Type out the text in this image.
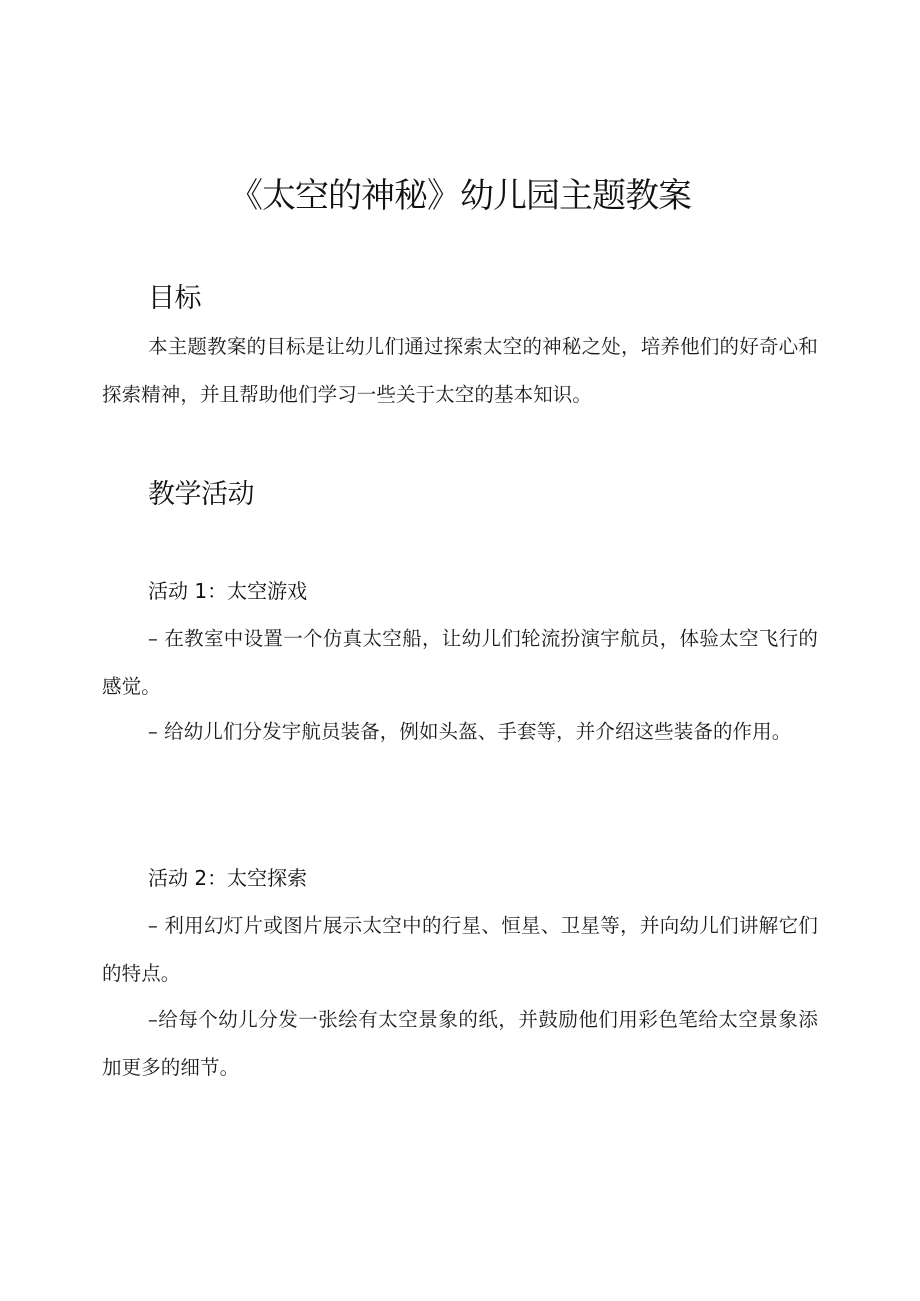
《太空的神秘》幼儿园主题教案
目标
本主题教案的目标是让幼儿们通过探索太空的神秘之处，培养他们的好奇心和探索精神，并且帮助他们学习一些关于太空的基本知识。
教学活动
活动 1：太空游戏
– 在教室中设置一个仿真太空船，让幼儿们轮流扮演宇航员，体验太空飞行的感觉。
– 给幼儿们分发宇航员装备，例如头盔、手套等，并介绍这些装备的作用。
活动 2：太空探索
– 利用幻灯片或图片展示太空中的行星、恒星、卫星等，并向幼儿们讲解它们的特点。
–给每个幼儿分发一张绘有太空景象的纸，并鼓励他们用彩色笔给太空景象添加更多的细节。
